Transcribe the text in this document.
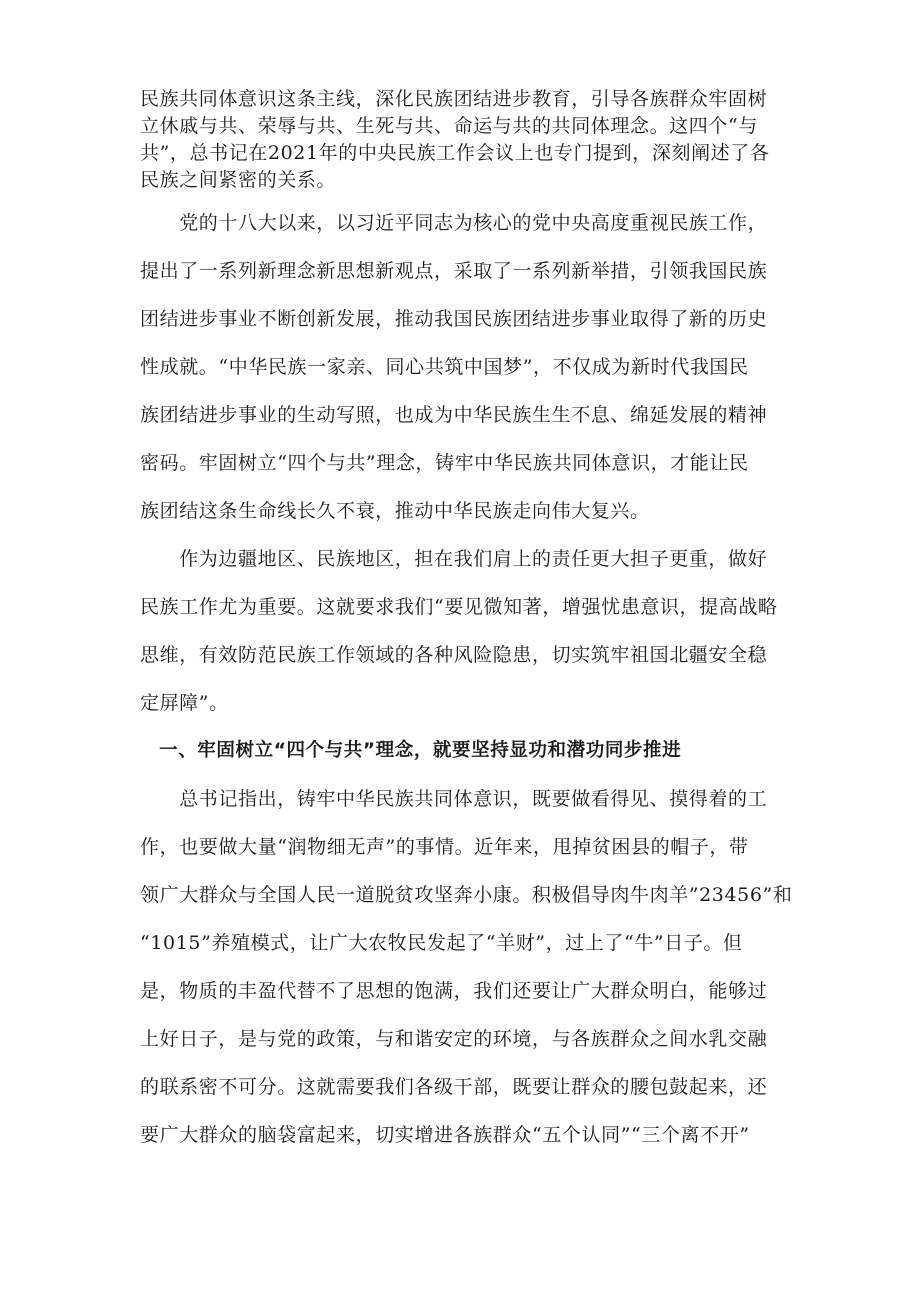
民族共同体意识这条主线，深化民族团结进步教育，引导各族群众牢固树
立休戚与共、荣辱与共、生死与共、命运与共的共同体理念。这四个“与
共”，总书记在2021年的中央民族工作会议上也专门提到，深刻阐述了各
民族之间紧密的关系。
　　党的十八大以来，以习近平同志为核心的党中央高度重视民族工作，
提出了一系列新理念新思想新观点，采取了一系列新举措，引领我国民族
团结进步事业不断创新发展，推动我国民族团结进步事业取得了新的历史
性成就。“中华民族一家亲、同心共筑中国梦”，不仅成为新时代我国民
族团结进步事业的生动写照，也成为中华民族生生不息、绵延发展的精神
密码。牢固树立“四个与共”理念，铸牢中华民族共同体意识，才能让民
族团结这条生命线长久不衰，推动中华民族走向伟大复兴。
　　作为边疆地区、民族地区，担在我们肩上的责任更大担子更重，做好
民族工作尤为重要。这就要求我们“要见微知著，增强忧患意识，提高战略
思维，有效防范民族工作领域的各种风险隐患，切实筑牢祖国北疆安全稳
定屏障”。
　一、牢固树立“四个与共”理念，就要坚持显功和潜功同步推进
　　总书记指出，铸牢中华民族共同体意识，既要做看得见、摸得着的工
作，也要做大量“润物细无声”的事情。近年来，甩掉贫困县的帽子，带
领广大群众与全国人民一道脱贫攻坚奔小康。积极倡导肉牛肉羊”23456”和
“1015”养殖模式，让广大农牧民发起了“羊财”，过上了“牛”日子。但
是，物质的丰盈代替不了思想的饱满，我们还要让广大群众明白，能够过
上好日子，是与党的政策，与和谐安定的环境，与各族群众之间水乳交融
的联系密不可分。这就需要我们各级干部，既要让群众的腰包鼓起来，还
要广大群众的脑袋富起来，切实增进各族群众“五个认同”“三个离不开”
